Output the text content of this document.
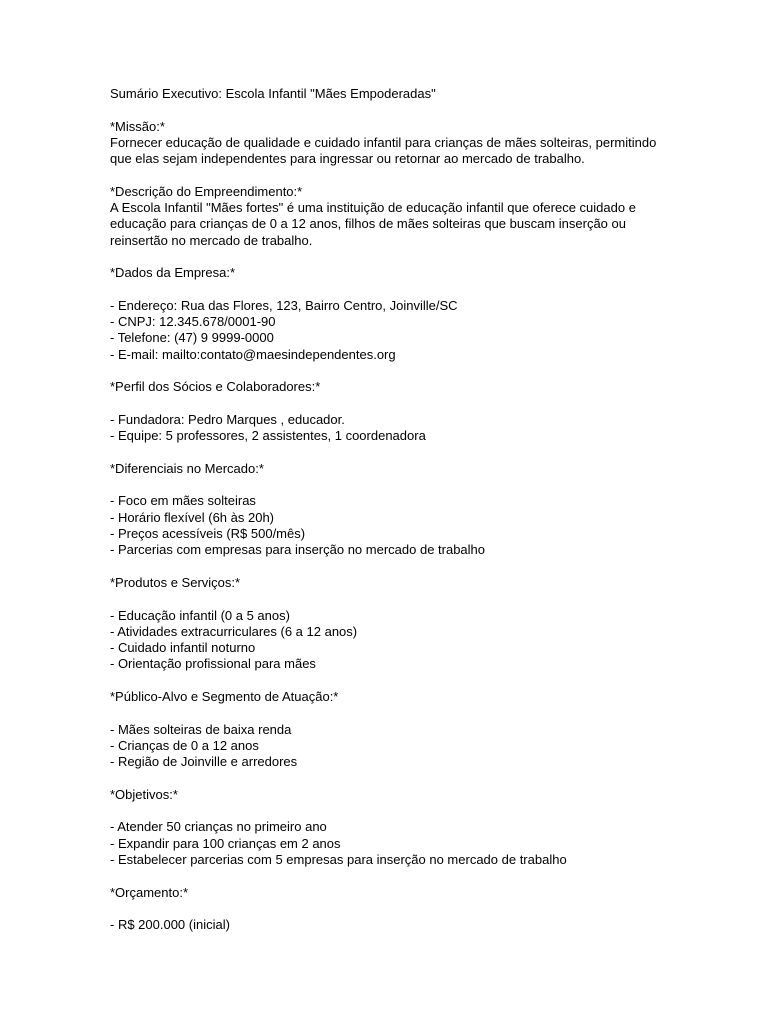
Sumário Executivo: Escola Infantil "Mães Empoderadas"

*Missão:*

Fornecer educação de qualidade e cuidado infantil para crianças de mães solteiras, permitindo que elas sejam independentes para ingressar ou retornar ao mercado de trabalho.

*Descrição do Empreendimento:*

A Escola Infantil "Mães fortes" é uma instituição de educação infantil que oferece cuidado e educação para crianças de 0 a 12 anos, filhos de mães solteiras que buscam inserção ou reinsertão no mercado de trabalho.

*Dados da Empresa:*

- Endereço: Rua das Flores, 123, Bairro Centro, Joinville/SC
- CNPJ: 12.345.678/0001-90
- Telefone: (47) 9 9999-0000
- E-mail: mailto:contato@maesindependentes.org

*Perfil dos Sócios e Colaboradores:*

- Fundadora: Pedro Marques , educador.
- Equipe: 5 professores, 2 assistentes, 1 coordenadora

*Diferenciais no Mercado:*

- Foco em mães solteiras
- Horário flexível (6h às 20h)
- Preços acessíveis (R$ 500/mês)
- Parcerias com empresas para inserção no mercado de trabalho

*Produtos e Serviços:*

- Educação infantil (0 a 5 anos)
- Atividades extracurriculares (6 a 12 anos)
- Cuidado infantil noturno
- Orientação profissional para mães

*Público-Alvo e Segmento de Atuação:*

- Mães solteiras de baixa renda
- Crianças de 0 a 12 anos
- Região de Joinville e arredores

*Objetivos:*

- Atender 50 crianças no primeiro ano
- Expandir para 100 crianças em 2 anos
- Estabelecer parcerias com 5 empresas para inserção no mercado de trabalho

*Orçamento:*

- R$ 200.000 (inicial)
